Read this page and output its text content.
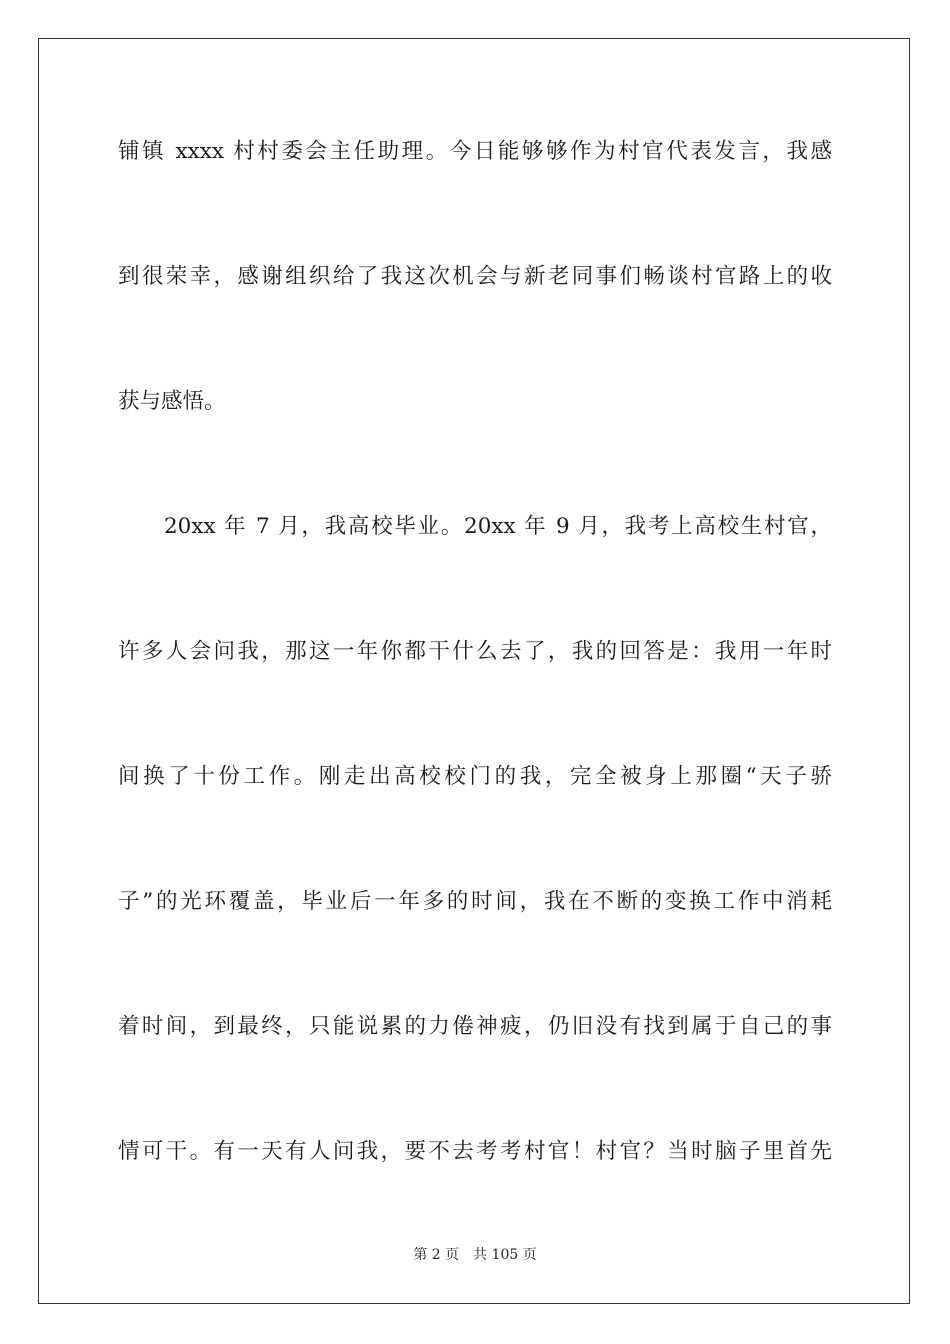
铺镇 xxxx 村村委会主任助理。今日能够够作为村官代表发言，我感
到很荣幸，感谢组织给了我这次机会与新老同事们畅谈村官路上的收
获与感悟。
20xx 年 7 月，我高校毕业。20xx 年 9 月，我考上高校生村官，
许多人会问我，那这一年你都干什么去了，我的回答是：我用一年时
间换了十份工作。刚走出高校校门的我，完全被身上那圈“天子骄
子”的光环覆盖，毕业后一年多的时间，我在不断的变换工作中消耗
着时间，到最终，只能说累的力倦神疲，仍旧没有找到属于自己的事
情可干。有一天有人问我，要不去考考村官！村官？当时脑子里首先
第 2 页 共 105 页
